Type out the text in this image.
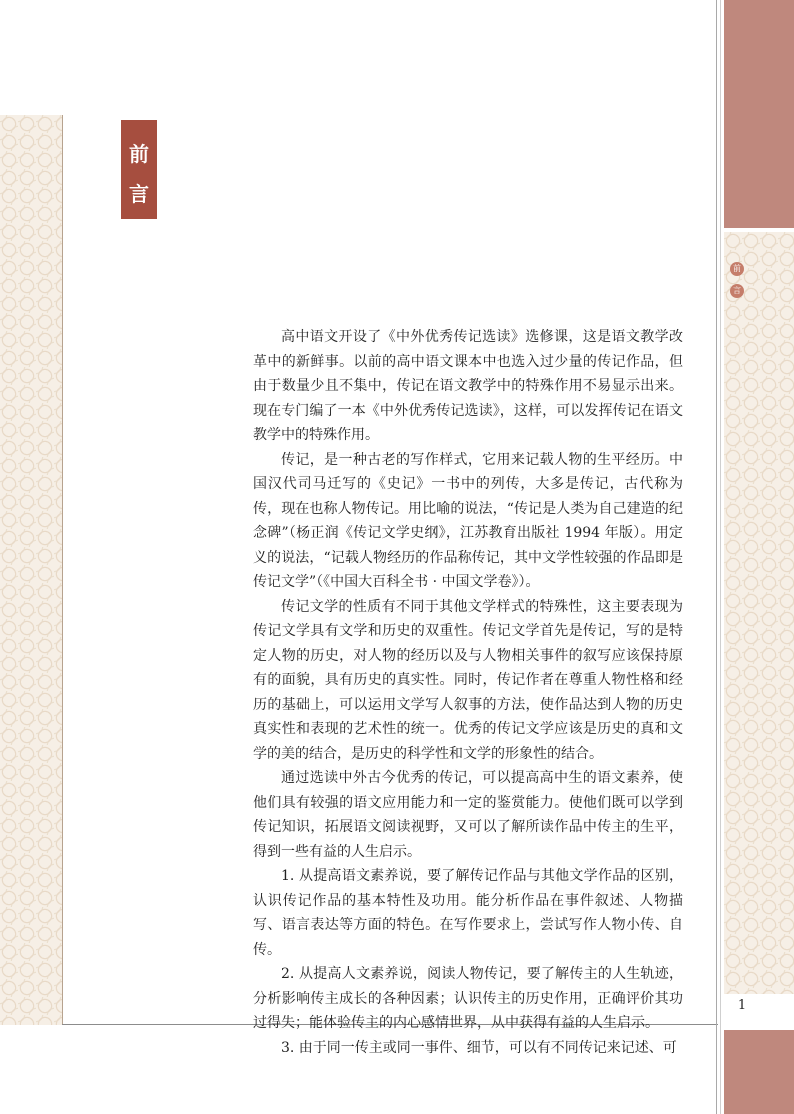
前
言
1
前
言

高中语文开设了《中外优秀传记选读》选修课，这是语文教学改革中的新鲜事。以前的高中语文课本中也选入过少量的传记作品，但由于数量少且不集中，传记在语文教学中的特殊作用不易显示出来。现在专门编了一本《中外优秀传记选读》，这样，可以发挥传记在语文教学中的特殊作用。

传记，是一种古老的写作样式，它用来记载人物的生平经历。中国汉代司马迁写的《史记》一书中的列传，大多是传记，古代称为传，现在也称人物传记。用比喻的说法，“传记是人类为自己建造的纪念碑”（杨正润《传记文学史纲》，江苏教育出版社 1994 年版）。用定义的说法，“记载人物经历的作品称传记，其中文学性较强的作品即是传记文学”（《中国大百科全书 · 中国文学卷》）。

传记文学的性质有不同于其他文学样式的特殊性，这主要表现为传记文学具有文学和历史的双重性。传记文学首先是传记，写的是特定人物的历史，对人物的经历以及与人物相关事件的叙写应该保持原有的面貌，具有历史的真实性。同时，传记作者在尊重人物性格和经历的基础上，可以运用文学写人叙事的方法，使作品达到人物的历史真实性和表现的艺术性的统一。优秀的传记文学应该是历史的真和文学的美的结合，是历史的科学性和文学的形象性的结合。

通过选读中外古今优秀的传记，可以提高高中生的语文素养，使他们具有较强的语文应用能力和一定的鉴赏能力。使他们既可以学到传记知识，拓展语文阅读视野，又可以了解所读作品中传主的生平，得到一些有益的人生启示。

1. 从提高语文素养说，要了解传记作品与其他文学作品的区别，认识传记作品的基本特性及功用。能分析作品在事件叙述、人物描写、语言表达等方面的特色。在写作要求上，尝试写作人物小传、自传。

2. 从提高人文素养说，阅读人物传记，要了解传主的人生轨迹，分析影响传主成长的各种因素；认识传主的历史作用，正确评价其功过得失；能体验传主的内心感情世界，从中获得有益的人生启示。

3. 由于同一传主或同一事件、细节，可以有不同传记来记述、可
